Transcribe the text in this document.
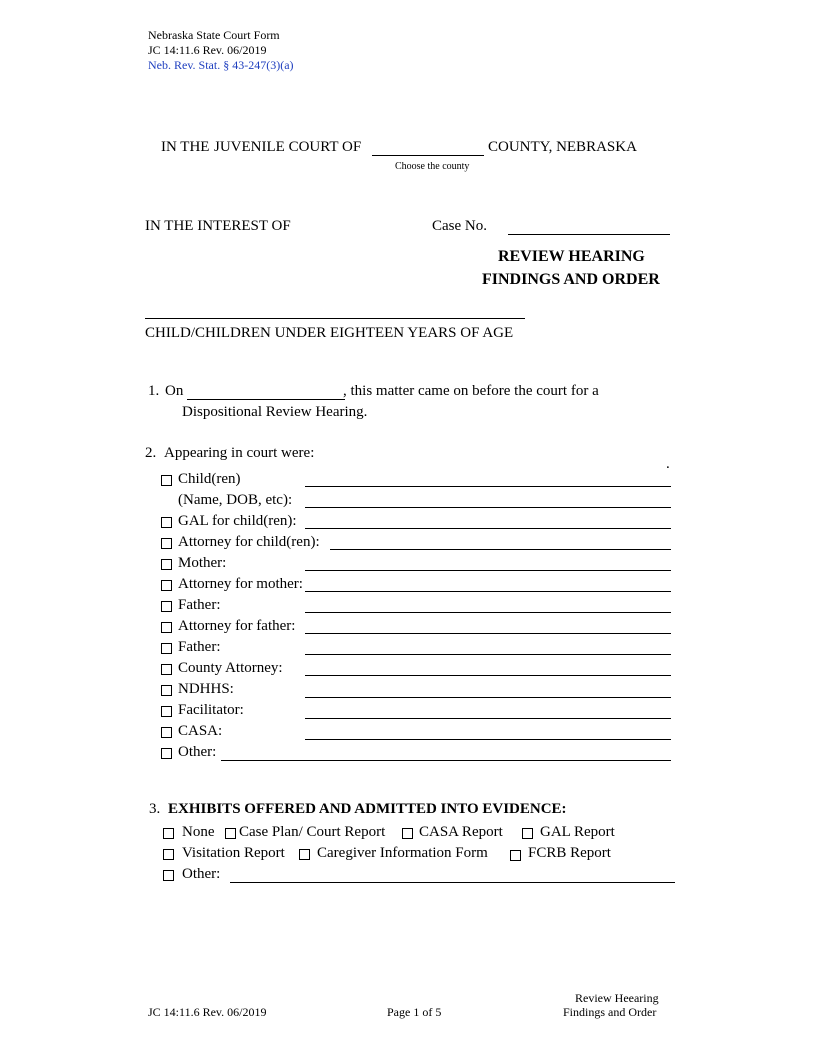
Nebraska State Court Form
JC 14:11.6 Rev. 06/2019
Neb. Rev. Stat. § 43-247(3)(a)
IN THE JUVENILE COURT OF	COUNTY, NEBRASKA
Choose the county
IN THE INTEREST OF	Case No.
REVIEW HEARING
FINDINGS AND ORDER
CHILD/CHILDREN UNDER EIGHTEEN YEARS OF AGE
1. On	, this matter came on before the court for a
Dispositional Review Hearing.
2. Appearing in court were:
.
Child(ren)
(Name, DOB, etc):
GAL for child(ren):
Attorney for child(ren):
Mother:
Attorney for mother:
Father:
Attorney for father:
Father:
County Attorney:
NDHHS:
Facilitator:
CASA:
Other:
3. EXHIBITS OFFERED AND ADMITTED INTO EVIDENCE:
None Case Plan/ Court Report CASA Report GAL Report
Visitation Report Caregiver Information Form	FCRB Report
Other:
JC 14:11.6 Rev. 06/2019	Page 1 of 5
Review Heearing
Findings and Order
